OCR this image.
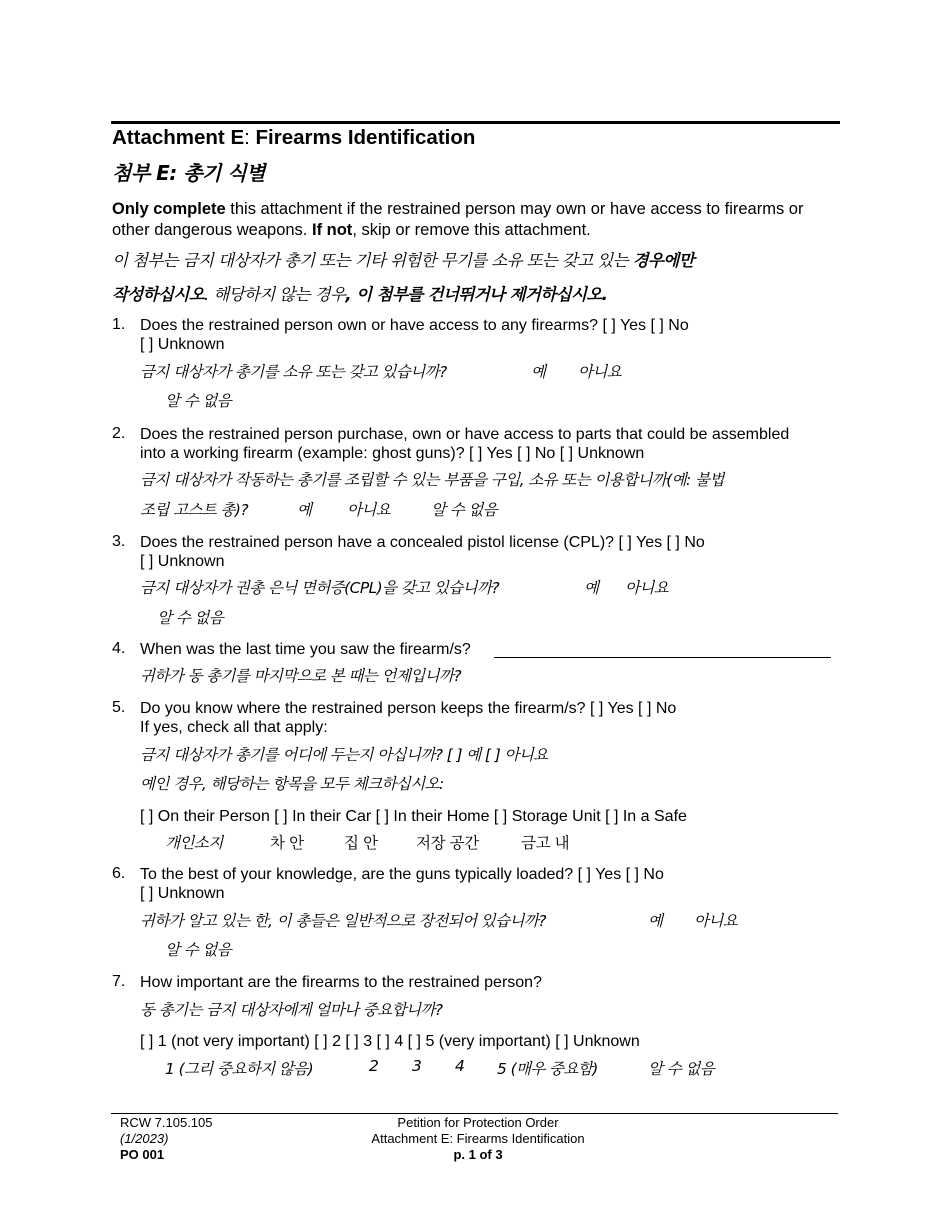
Attachment E: Firearms Identification
첨부 E: 총기 식별
Only complete this attachment if the restrained person may own or have access to firearms or other dangerous weapons. If not, skip or remove this attachment.
이 첨부는 금지 대상자가 총기 또는 기타 위험한 무기를 소유 또는 갖고 있는 경우에만
작성하십시오. 해당하지 않는 경우, 이 첨부를 건너뛰거나 제거하십시오.
1. Does the restrained person own or have access to any firearms? [ ] Yes [ ] No
[ ] Unknown
금지 대상자가 총기를 소유 또는 갖고 있습니까?	예 아니요
알 수 없음
2. Does the restrained person purchase, own or have access to parts that could be assembled
into a working firearm (example: ghost guns)? [ ] Yes [ ] No [ ] Unknown
금지 대상자가 작동하는 총기를 조립할 수 있는 부품을 구입, 소유 또는 이용합니까(예: 불법
조립 고스트 총)?	예 아니요	알 수 없음
3. Does the restrained person have a concealed pistol license (CPL)? [ ] Yes [ ] No
[ ] Unknown
금지 대상자가 권총 은닉 면허증(CPL)을 갖고 있습니까?	예 아니요
알 수 없음
4. When was the last time you saw the firearm/s?
귀하가 동 총기를 마지막으로 본 때는 언제입니까?
5. Do you know where the restrained person keeps the firearm/s? [ ] Yes [ ] No
If yes, check all that apply:
금지 대상자가 총기를 어디에 두는지 아십니까? [ ] 예 [ ] 아니요
예인 경우, 해당하는 항목을 모두 체크하십시오:
[ ] On their Person [ ] In their Car [ ] In their Home [ ] Storage Unit [ ] In a Safe
개인소지	차 안	집 안 저장 공간	금고 내
6. To the best of your knowledge, are the guns typically loaded? [ ] Yes [ ] No
[ ] Unknown
귀하가 알고 있는 한, 이 총들은 일반적으로 장전되어 있습니까?	예 아니요
알 수 없음
7. How important are the firearms to the restrained person?
동 총기는 금지 대상자에게 얼마나 중요합니까?
[ ] 1 (not very important) [ ] 2 [ ] 3 [ ] 4 [ ] 5 (very important) [ ] Unknown
1 (그리 중요하지 않음)	2 3 4 5 (매우 중요함)	알 수 없음
RCW 7.105.105
(1/2023)
PO 001
Petition for Protection Order
Attachment E: Firearms Identification
p. 1 of 3
